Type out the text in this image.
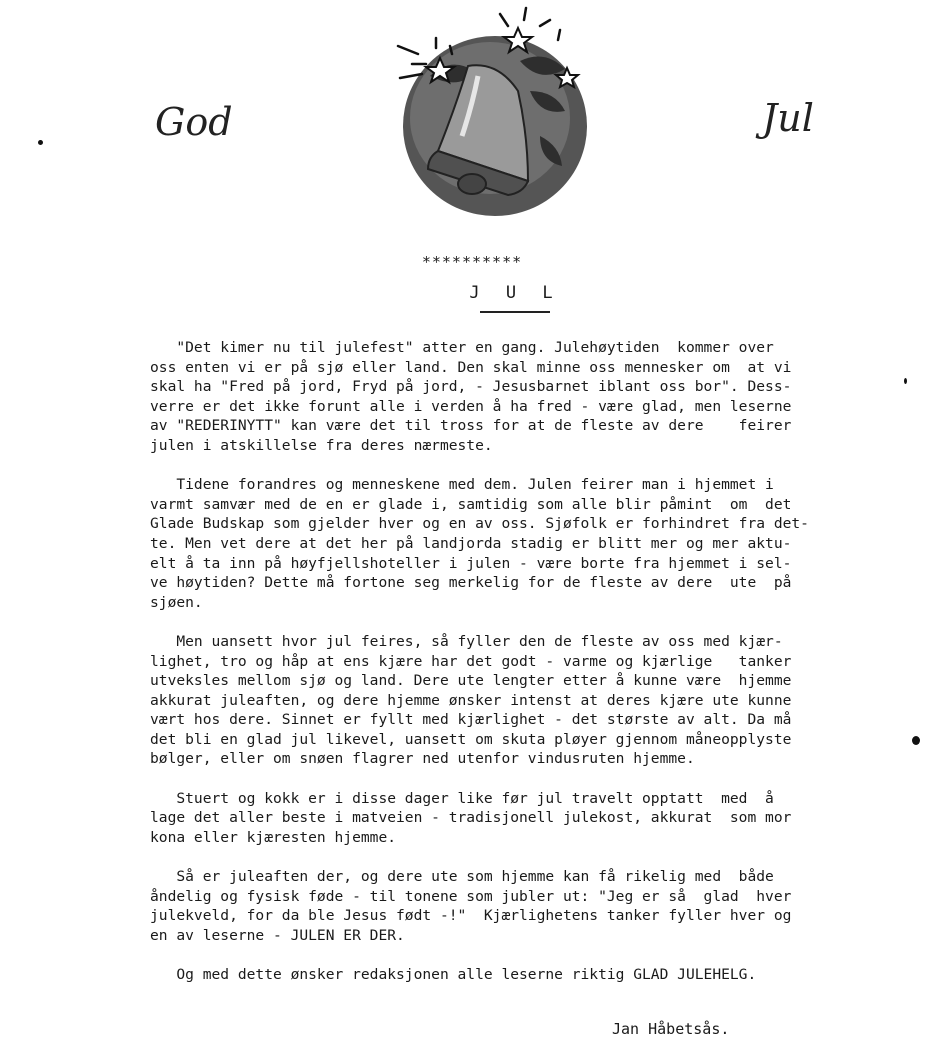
God	Jul
**********
J U L
"Det kimer nu til julefest" atter en gang. Julehøytiden  kommer over
oss enten vi er på sjø eller land. Den skal minne oss mennesker om  at vi
skal ha "Fred på jord, Fryd på jord, - Jesusbarnet iblant oss bor". Dess-
verre er det ikke forunt alle i verden å ha fred - være glad, men leserne
av "REDERINYTT" kan være det til tross for at de fleste av dere    feirer
julen i atskillelse fra deres nærmeste.
Tidene forandres og menneskene med dem. Julen feirer man i hjemmet i
varmt samvær med de en er glade i, samtidig som alle blir påmint  om  det
Glade Budskap som gjelder hver og en av oss. Sjøfolk er forhindret fra det-
te. Men vet dere at det her på landjorda stadig er blitt mer og mer aktu-
elt å ta inn på høyfjellshoteller i julen - være borte fra hjemmet i sel-
ve høytiden? Dette må fortone seg merkelig for de fleste av dere  ute  på
sjøen.
Men uansett hvor jul feires, så fyller den de fleste av oss med kjær-
lighet, tro og håp at ens kjære har det godt - varme og kjærlige   tanker
utveksles mellom sjø og land. Dere ute lengter etter å kunne være  hjemme
akkurat juleaften, og dere hjemme ønsker intenst at deres kjære ute kunne
vært hos dere. Sinnet er fyllt med kjærlighet - det største av alt. Da må
det bli en glad jul likevel, uansett om skuta pløyer gjennom måneopplyste
bølger, eller om snøen flagrer ned utenfor vindusruten hjemme.
Stuert og kokk er i disse dager like før jul travelt opptatt  med  å
lage det aller beste i matveien - tradisjonell julekost, akkurat  som mor
kona eller kjæresten hjemme.
Så er juleaften der, og dere ute som hjemme kan få rikelig med  både
åndelig og fysisk føde - til tonene som jubler ut: "Jeg er så  glad  hver
julekveld, for da ble Jesus født -!"  Kjærlighetens tanker fyller hver og
en av leserne - JULEN ER DER.
Og med dette ønsker redaksjonen alle leserne riktig GLAD JULEHELG.
Jan Håbetsås.
